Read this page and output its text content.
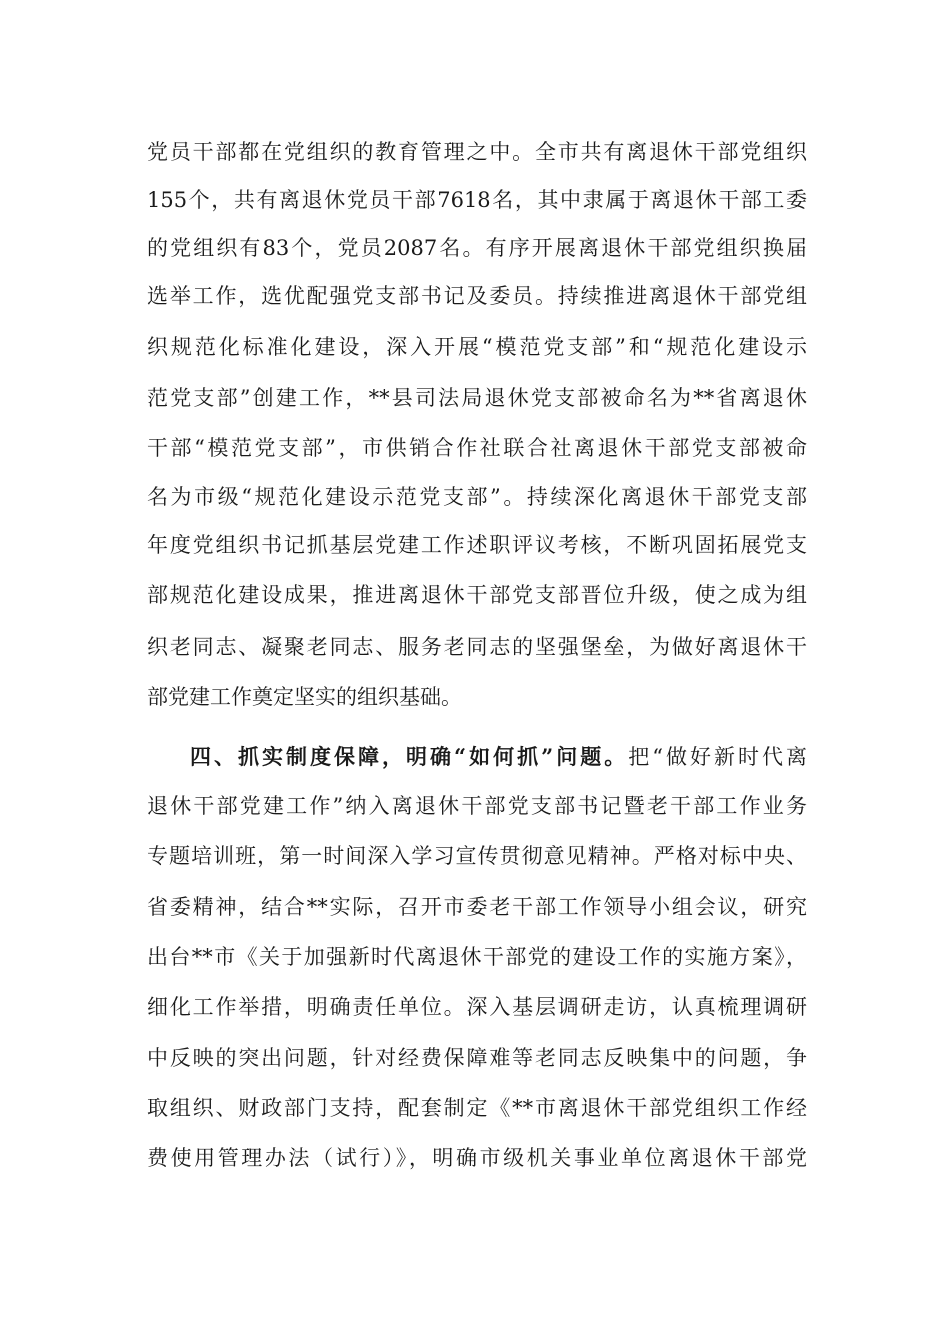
党员干部都在党组织的教育管理之中。全市共有离退休干部党组织
155个，共有离退休党员干部7618名，其中隶属于离退休干部工委
的党组织有83个，党员2087名。有序开展离退休干部党组织换届
选举工作，选优配强党支部书记及委员。持续推进离退休干部党组
织规范化标准化建设，深入开展“模范党支部”和“规范化建设示
范党支部”创建工作，**县司法局退休党支部被命名为**省离退休
干部“模范党支部”，市供销合作社联合社离退休干部党支部被命
名为市级“规范化建设示范党支部”。持续深化离退休干部党支部
年度党组织书记抓基层党建工作述职评议考核，不断巩固拓展党支
部规范化建设成果，推进离退休干部党支部晋位升级，使之成为组
织老同志、凝聚老同志、服务老同志的坚强堡垒，为做好离退休干
部党建工作奠定坚实的组织基础。
四、抓实制度保障，明确“如何抓”问题。把“做好新时代离
退休干部党建工作”纳入离退休干部党支部书记暨老干部工作业务
专题培训班，第一时间深入学习宣传贯彻意见精神。严格对标中央、
省委精神，结合**实际，召开市委老干部工作领导小组会议，研究
出台**市《关于加强新时代离退休干部党的建设工作的实施方案》，
细化工作举措，明确责任单位。深入基层调研走访，认真梳理调研
中反映的突出问题，针对经费保障难等老同志反映集中的问题，争
取组织、财政部门支持，配套制定《**市离退休干部党组织工作经
费使用管理办法（试行）》，明确市级机关事业单位离退休干部党
